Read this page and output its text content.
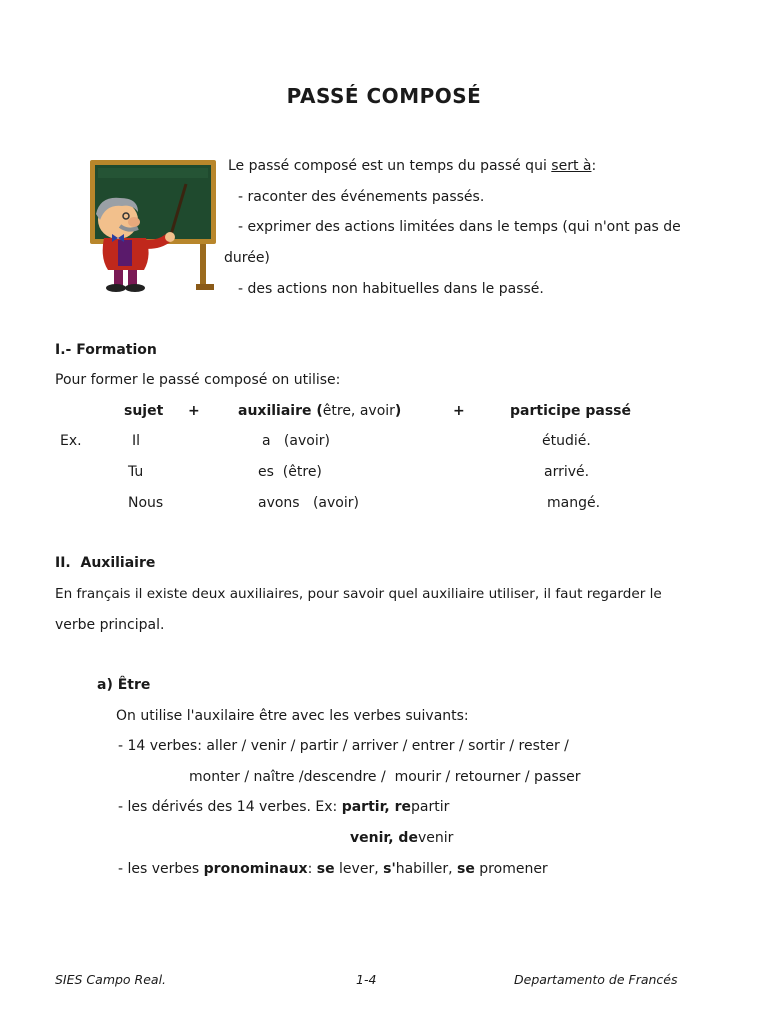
PASSÉ COMPOSÉ
Le passé composé est un temps du passé qui sert à:
- raconter des événements passés.
- exprimer des actions limitées dans le temps (qui n'ont pas de
durée)
- des actions non habituelles dans le passé.
I.- Formation
Pour former le passé composé on utilise:
sujet +	auxiliaire (être, avoir)	+	participe passé
Ex.	Il	a   (avoir)	étudié.
Tu	es  (être)	arrivé.
Nous	avons   (avoir)	mangé.
II.  Auxiliaire
En français il existe deux auxiliaires, pour savoir quel auxiliaire utiliser, il faut regarder le
verbe principal.
a) Être
On utilise l'auxilaire être avec les verbes suivants:
- 14 verbes: aller / venir / partir / arriver / entrer / sortir / rester /
monter / naître /descendre /  mourir / retourner / passer
- les dérivés des 14 verbes. Ex: partir, repartir
venir, devenir
- les verbes pronominaux: se lever, s'habiller, se promener
SIES Campo Real.	1-4	Departamento de Francés
